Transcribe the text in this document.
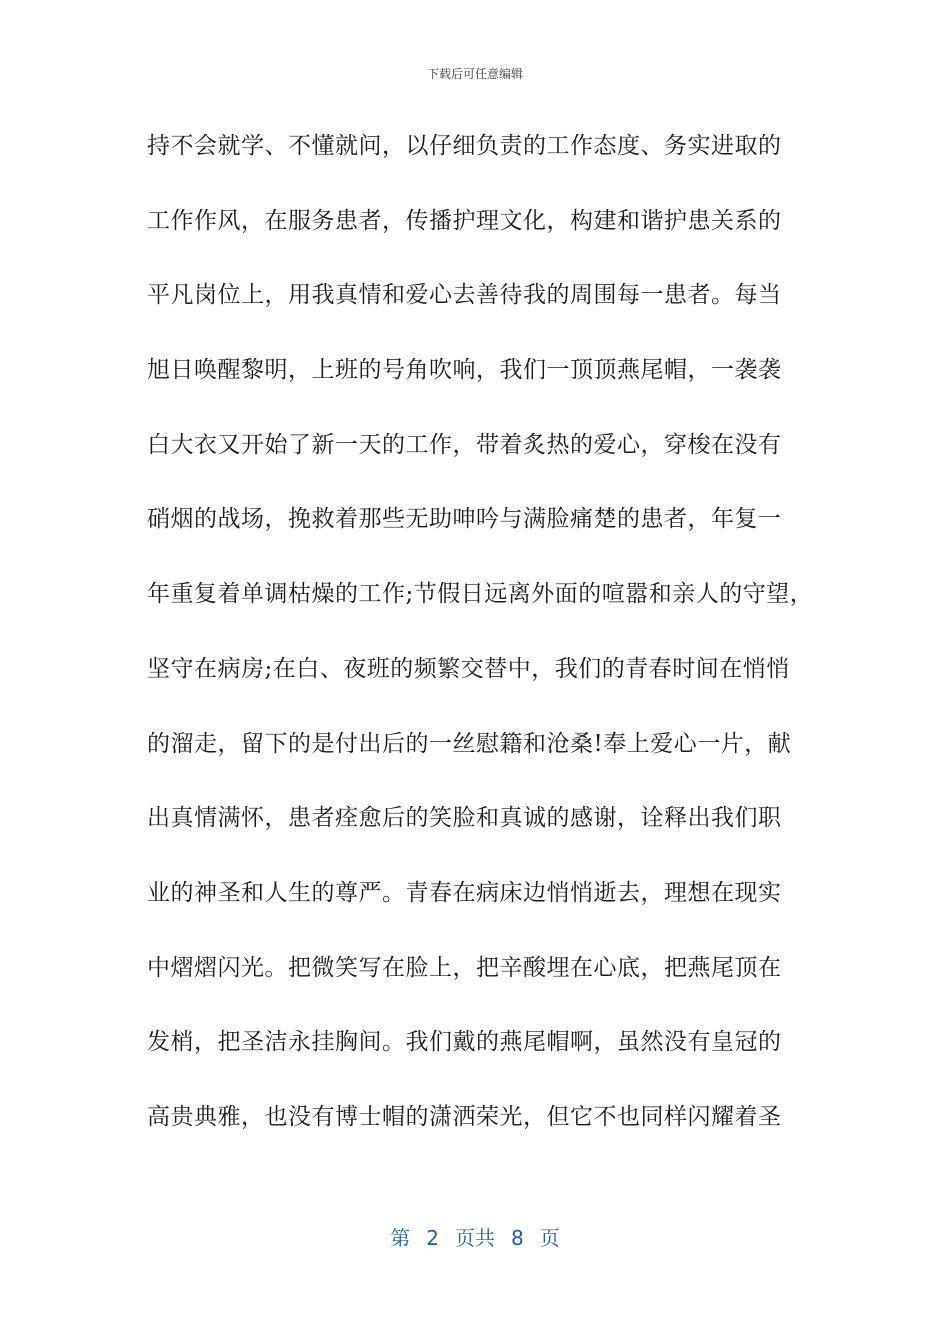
下载后可任意编辑
持不会就学、不懂就问，以仔细负责的工作态度、务实进取的
工作作风，在服务患者，传播护理文化，构建和谐护患关系的
平凡岗位上，用我真情和爱心去善待我的周围每一患者。每当
旭日唤醒黎明，上班的号角吹响，我们一顶顶燕尾帽，一袭袭
白大衣又开始了新一天的工作，带着炙热的爱心，穿梭在没有
硝烟的战场，挽救着那些无助呻吟与满脸痛楚的患者，年复一
年重复着单调枯燥的工作;节假日远离外面的喧嚣和亲人的守望，
坚守在病房;在白、夜班的频繁交替中，我们的青春时间在悄悄
的溜走，留下的是付出后的一丝慰籍和沧桑!奉上爱心一片，献
出真情满怀，患者痊愈后的笑脸和真诚的感谢，诠释出我们职
业的神圣和人生的尊严。青春在病床边悄悄逝去，理想在现实
中熠熠闪光。把微笑写在脸上，把辛酸埋在心底，把燕尾顶在
发梢，把圣洁永挂胸间。我们戴的燕尾帽啊，虽然没有皇冠的
高贵典雅，也没有博士帽的潇洒荣光，但它不也同样闪耀着圣
第 2 页共 8 页
